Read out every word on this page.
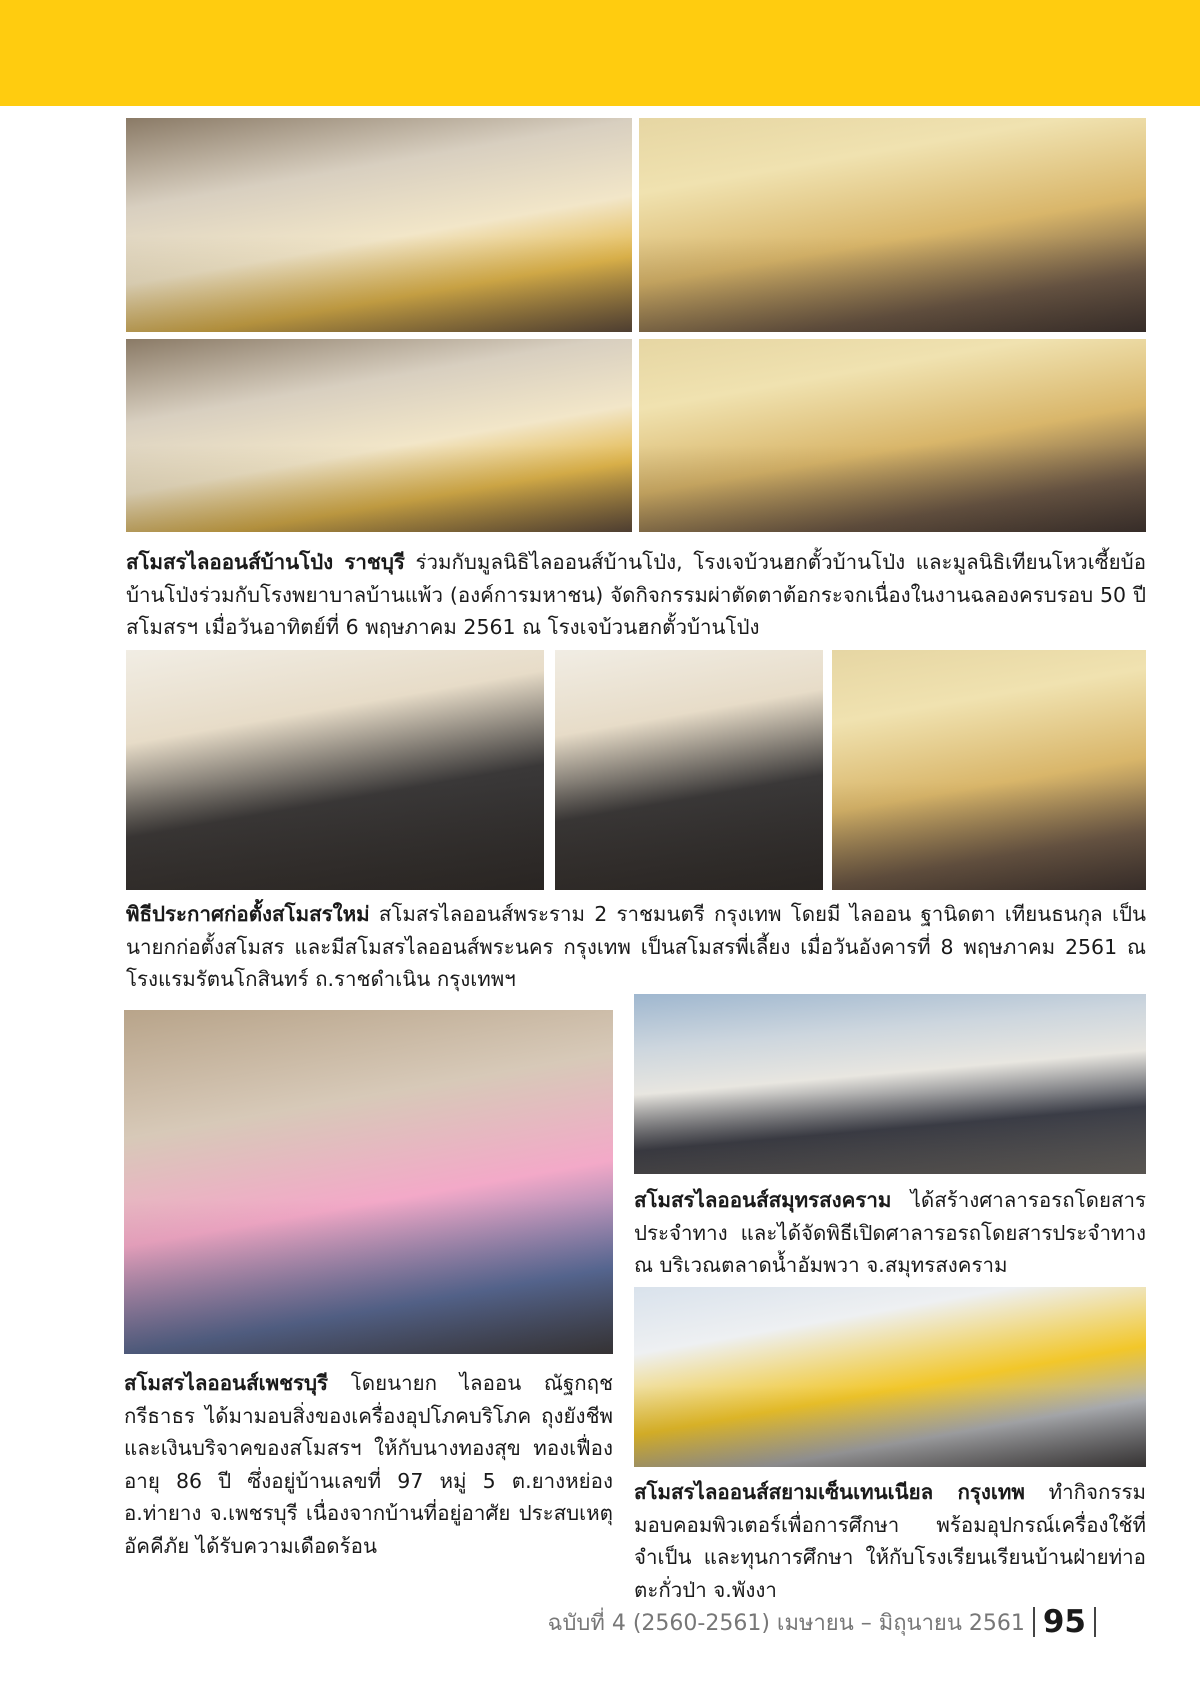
สโมสรไลออนส์บ้านโป่ง ราชบุรี ร่วมกับมูลนิธิไลออนส์บ้านโป่ง, โรงเจบ้วนฮกตั้วบ้านโป่ง และมูลนิธิเทียนโหวเซี้ยบ้อบ้านโป่งร่วมกับโรงพยาบาลบ้านแพ้ว (องค์การมหาชน) จัดกิจกรรมผ่าตัดตาต้อกระจกเนื่องในงานฉลองครบรอบ 50 ปีสโมสรฯ เมื่อวันอาทิตย์ที่ 6 พฤษภาคม 2561 ณ โรงเจบ้วนฮกตั้วบ้านโป่ง

พิธีประกาศก่อตั้งสโมสรใหม่ สโมสรไลออนส์พระราม 2 ราชมนตรี กรุงเทพ โดยมี ไลออน ฐานิดตา เทียนธนกุล เป็นนายกก่อตั้งสโมสร และมีสโมสรไลออนส์พระนคร กรุงเทพ เป็นสโมสรพี่เลี้ยง เมื่อวันอังคารที่ 8 พฤษภาคม 2561 ณ โรงแรมรัตนโกสินทร์ ถ.ราชดำเนิน กรุงเทพฯ

สโมสรไลออนส์เพชรบุรี โดยนายก ไลออน ณัฐกฤช กรีธาธร ได้มามอบสิ่งของเครื่องอุปโภคบริโภค ถุงยังชีพ และเงินบริจาคของสโมสรฯ ให้กับนางทองสุข ทองเฟื่อง อายุ 86 ปี ซึ่งอยู่บ้านเลขที่ 97 หมู่ 5 ต.ยางหย่อง อ.ท่ายาง จ.เพชรบุรี เนื่องจากบ้านที่อยู่อาศัย ประสบเหตุอัคคีภัย ได้รับความเดือดร้อน

สโมสรไลออนส์สมุทรสงคราม ได้สร้างศาลารอรถโดยสารประจำทาง และได้จัดพิธีเปิดศาลารอรถโดยสารประจำทาง ณ บริเวณตลาดน้ำอัมพวา จ.สมุทรสงคราม

สโมสรไลออนส์สยามเซ็นเทนเนียล กรุงเทพ ทำกิจกรรมมอบคอมพิวเตอร์เพื่อการศึกษา พร้อมอุปกรณ์เครื่องใช้ที่จำเป็น และทุนการศึกษา ให้กับโรงเรียนเรียนบ้านฝ่ายท่าอ ตะกั่วป่า จ.พังงา

ฉบับที่ 4 (2560-2561) เมษายน – มิถุนายน 2561 95
